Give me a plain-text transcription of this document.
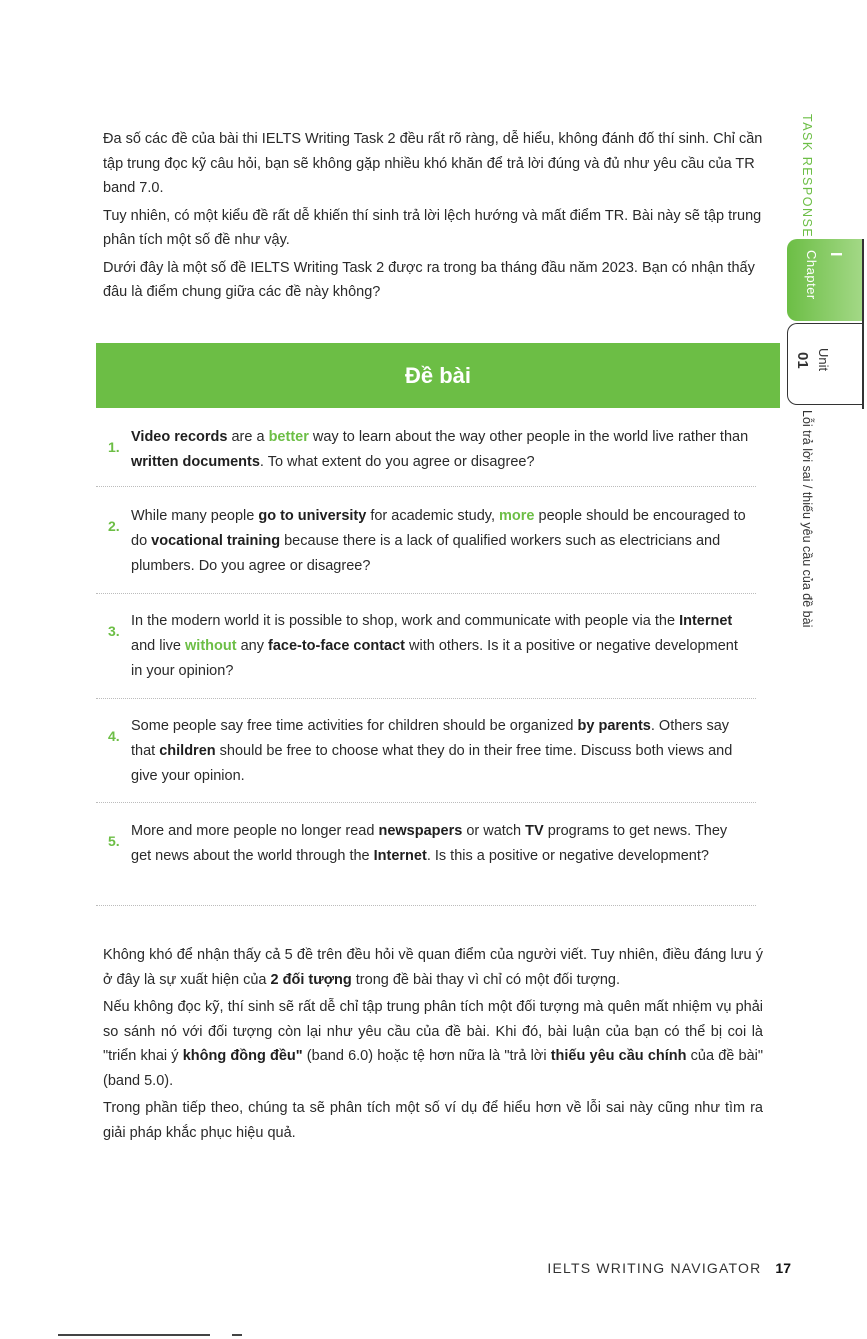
Đa số các đề của bài thi IELTS Writing Task 2 đều rất rõ ràng, dễ hiểu, không đánh đố thí sinh. Chỉ cần tập trung đọc kỹ câu hỏi, bạn sẽ không gặp nhiều khó khăn để trả lời đúng và đủ như yêu cầu của TR band 7.0.

Tuy nhiên, có một kiểu đề rất dễ khiến thí sinh trả lời lệch hướng và mất điểm TR. Bài này sẽ tập trung phân tích một số đề như vậy.

Dưới đây là một số đề IELTS Writing Task 2 được ra trong ba tháng đầu năm 2023. Bạn có nhận thấy đâu là điểm chung giữa các đề này không?

Đề bài
1.
Video records are a better way to learn about the way other people in the world live rather than written documents. To what extent do you agree or disagree?
2.
While many people go to university for academic study, more people should be encouraged to do vocational training because there is a lack of qualified workers such as electricians and plumbers. Do you agree or disagree?
3.
In the modern world it is possible to shop, work and communicate with people via the Internet and live without any face-to-face contact with others. Is it a positive or negative development in your opinion?
4.
Some people say free time activities for children should be organized by parents. Others say that children should be free to choose what they do in their free time. Discuss both views and give your opinion.
5.
More and more people no longer read newspapers or watch TV programs to get news. They get news about the world through the Internet. Is this a positive or negative development?

Không khó để nhận thấy cả 5 đề trên đều hỏi về quan điểm của người viết. Tuy nhiên, điều đáng lưu ý ở đây là sự xuất hiện của 2 đối tượng trong đề bài thay vì chỉ có một đối tượng.

Nếu không đọc kỹ, thí sinh sẽ rất dễ chỉ tập trung phân tích một đối tượng mà quên mất nhiệm vụ phải so sánh nó với đối tượng còn lại như yêu cầu của đề bài. Khi đó, bài luận của bạn có thể bị coi là "triển khai ý không đồng đều" (band 6.0) hoặc tệ hơn nữa là "trả lời thiếu yêu cầu chính của đề bài" (band 5.0).

Trong phần tiếp theo, chúng ta sẽ phân tích một số ví dụ để hiểu hơn về lỗi sai này cũng như tìm ra giải pháp khắc phục hiệu quả.

IELTS WRITING NAVIGATOR 17
TASK RESPONSE
Chapter I
01 Unit
Lỗi trả lời sai / thiếu yêu cầu của đề bài
